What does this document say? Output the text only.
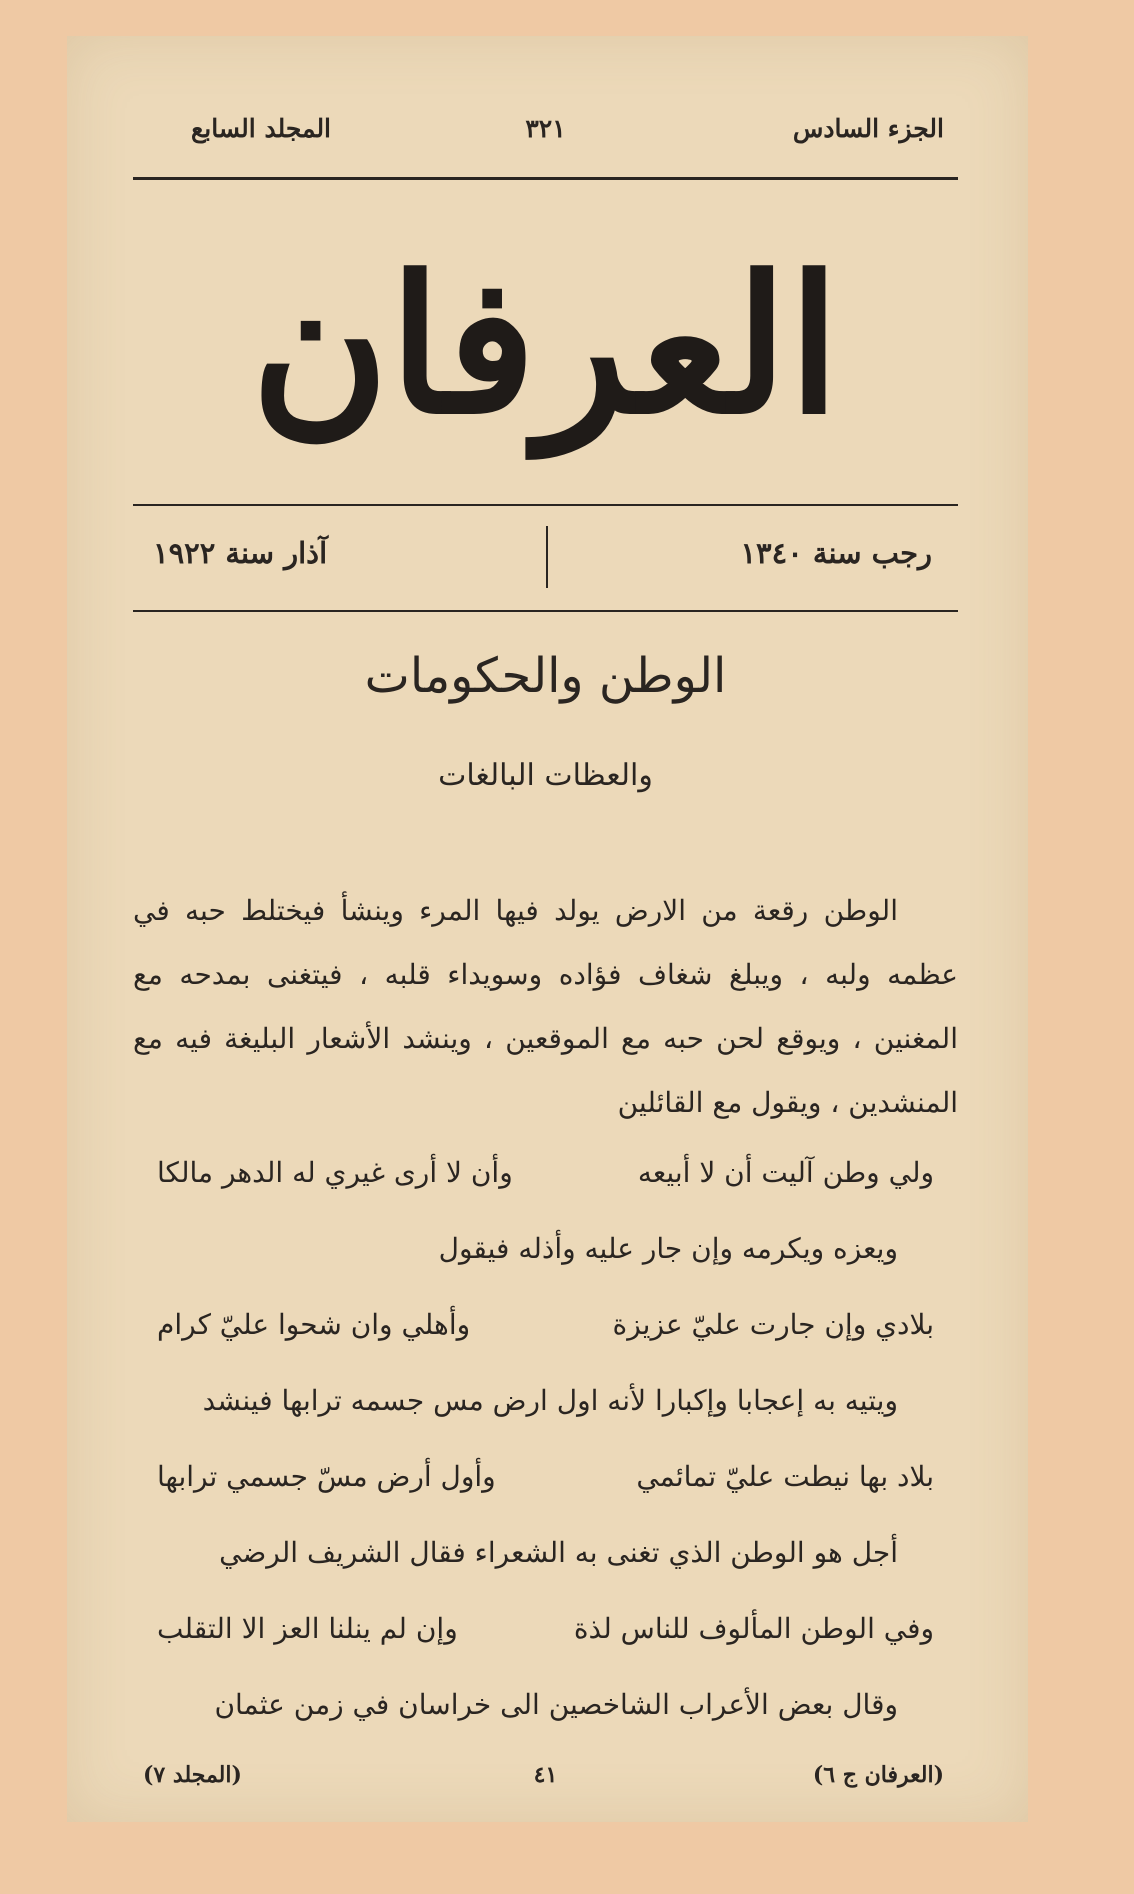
الجزء السادس
٣٢١
المجلد السابع
العرفان
رجب سنة ١٣٤٠
آذار سنة ١٩٢٢
الوطن والحكومات
والعظات البالغات
الوطن رقعة من الارض يولد فيها المرء وينشأ فيختلط حبه في عظمه ولبه ، ويبلغ شغاف فؤاده وسويداء قلبه ، فيتغنى بمدحه مع المغنين ، ويوقع لحن حبه مع الموقعين ، وينشد الأشعار البليغة فيه مع المنشدين ، ويقول مع القائلين
ولي وطن آليت أن لا أبيعه
وأن لا أرى غيري له الدهر مالكا
ويعزه ويكرمه وإن جار عليه وأذله فيقول
بلادي وإن جارت عليّ عزيزة
وأهلي وان شحوا عليّ كرام
ويتيه به إعجابا وإكبارا لأنه اول ارض مس جسمه ترابها فينشد
بلاد بها نيطت عليّ تمائمي
وأول أرض مسّ جسمي ترابها
أجل هو الوطن الذي تغنى به الشعراء فقال الشريف الرضي
وفي الوطن المألوف للناس لذة
وإن لم ينلنا العز الا التقلب
وقال بعض الأعراب الشاخصين الى خراسان في زمن عثمان
(العرفان ج ٦)
٤١
(المجلد ٧)
